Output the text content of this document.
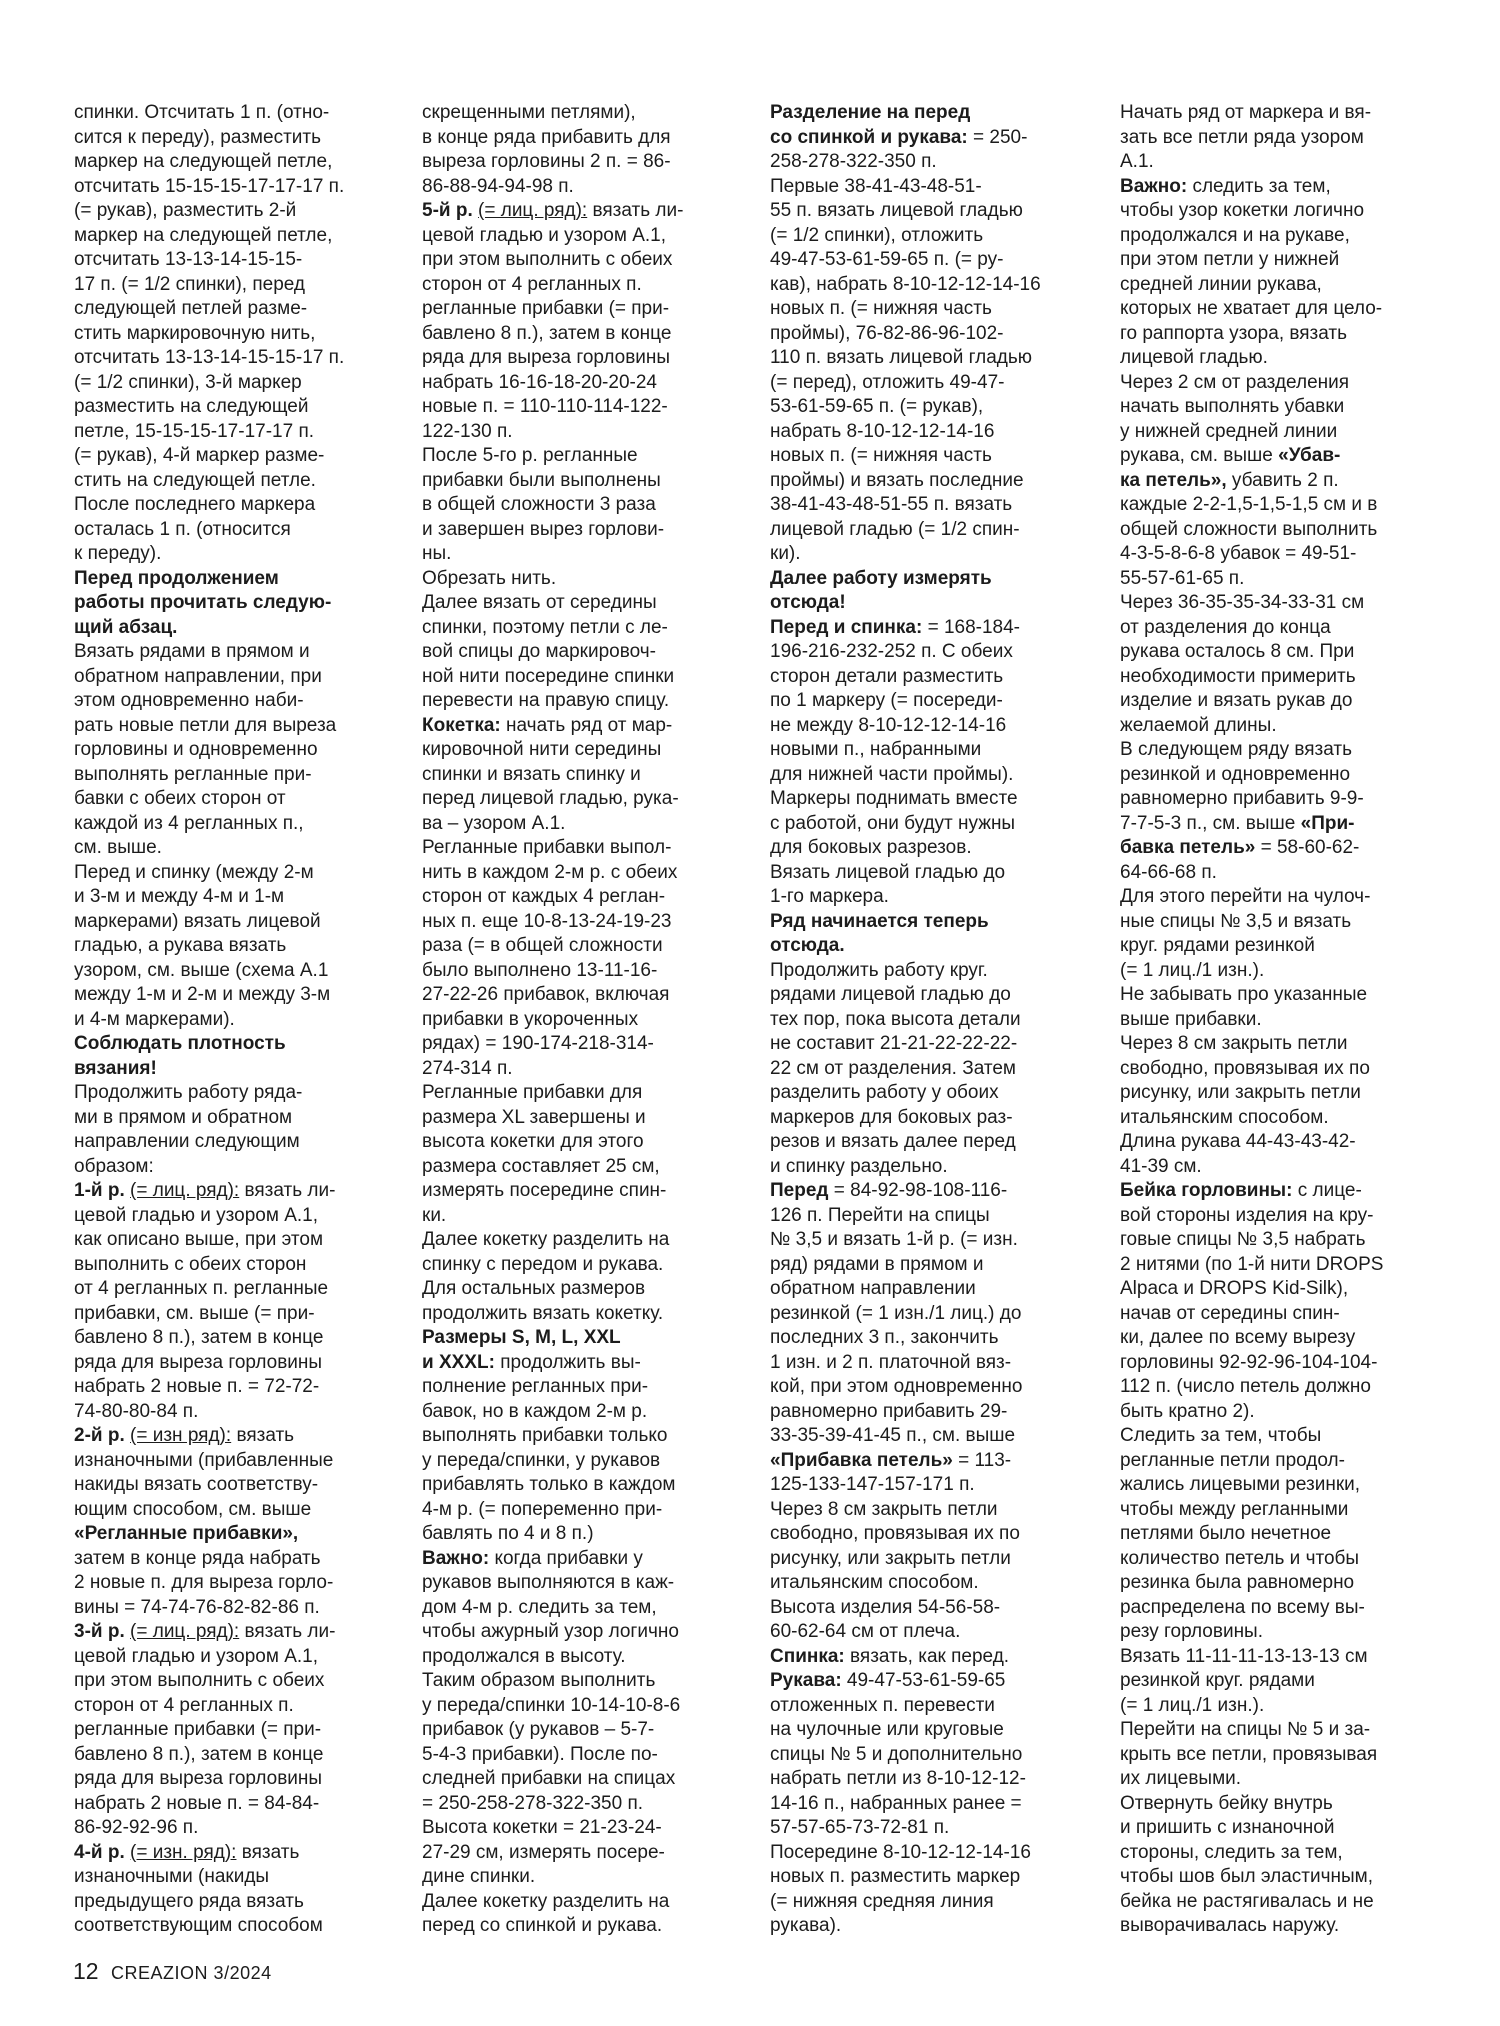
спинки. Отсчитать 1 п. (отно-
сится к переду), разместить
маркер на следующей петле,
отсчитать 15-15-15-17-17-17 п.
(= рукав), разместить 2-й
маркер на следующей петле,
отсчитать 13-13-14-15-15-
17 п. (= 1/2 спинки), перед
следующей петлей разме-
стить маркировочную нить,
отсчитать 13-13-14-15-15-17 п.
(= 1/2 спинки), 3-й маркер
разместить на следующей
петле, 15-15-15-17-17-17 п.
(= рукав), 4-й маркер разме-
стить на следующей петле.
После последнего маркера
осталась 1 п. (относится
к переду).
Перед продолжением
работы прочитать следую-
щий абзац.
Вязать рядами в прямом и
обратном направлении, при
этом одновременно наби-
рать новые петли для выреза
горловины и одновременно
выполнять регланные при-
бавки с обеих сторон от
каждой из 4 регланных п.,
см. выше.
Перед и спинку (между 2-м
и 3-м и между 4-м и 1-м
маркерами) вязать лицевой
гладью, а рукава вязать
узором, см. выше (схема А.1
между 1-м и 2-м и между 3-м
и 4-м маркерами).
Соблюдать плотность
вязания!
Продолжить работу ряда-
ми в прямом и обратном
направлении следующим
образом:
1-й р. (= лиц. ряд): вязать ли-
цевой гладью и узором А.1,
как описано выше, при этом
выполнить с обеих сторон
от 4 регланных п. регланные
прибавки, см. выше (= при-
бавлено 8 п.), затем в конце
ряда для выреза горловины
набрать 2 новые п. = 72-72-
74-80-80-84 п.
2-й р. (= изн ряд): вязать
изнаночными (прибавленные
накиды вязать соответству-
ющим способом, см. выше
«Регланные прибавки»,
затем в конце ряда набрать
2 новые п. для выреза горло-
вины = 74-74-76-82-82-86 п.
3-й р. (= лиц. ряд): вязать ли-
цевой гладью и узором А.1,
при этом выполнить с обеих
сторон от 4 регланных п.
регланные прибавки (= при-
бавлено 8 п.), затем в конце
ряда для выреза горловины
набрать 2 новые п. = 84-84-
86-92-92-96 п.
4-й р. (= изн. ряд): вязать
изнаночными (накиды
предыдущего ряда вязать
соответствующим способом
скрещенными петлями),
в конце ряда прибавить для
выреза горловины 2 п. = 86-
86-88-94-94-98 п.
5-й р. (= лиц. ряд): вязать ли-
цевой гладью и узором А.1,
при этом выполнить с обеих
сторон от 4 регланных п.
регланные прибавки (= при-
бавлено 8 п.), затем в конце
ряда для выреза горловины
набрать 16-16-18-20-20-24
новые п. = 110-110-114-122-
122-130 п.
После 5-го р. регланные
прибавки были выполнены
в общей сложности 3 раза
и завершен вырез горлови-
ны.
Обрезать нить.
Далее вязать от середины
спинки, поэтому петли с ле-
вой спицы до маркировоч-
ной нити посередине спинки
перевести на правую спицу.
Кокетка: начать ряд от мар-
кировочной нити середины
спинки и вязать спинку и
перед лицевой гладью, рука-
ва – узором А.1.
Регланные прибавки выпол-
нить в каждом 2-м р. с обеих
сторон от каждых 4 реглан-
ных п. еще 10-8-13-24-19-23
раза (= в общей сложности
было выполнено 13-11-16-
27-22-26 прибавок, включая
прибавки в укороченных
рядах) = 190-174-218-314-
274-314 п.
Регланные прибавки для
размера XL завершены и
высота кокетки для этого
размера составляет 25 см,
измерять посередине спин-
ки.
Далее кокетку разделить на
спинку с передом и рукава.
Для остальных размеров
продолжить вязать кокетку.
Размеры S, M, L, XXL
и XXXL: продолжить вы-
полнение регланных при-
бавок, но в каждом 2-м р.
выполнять прибавки только
у переда/спинки, у рукавов
прибавлять только в каждом
4-м р. (= попеременно при-
бавлять по 4 и 8 п.)
Важно: когда прибавки у
рукавов выполняются в каж-
дом 4-м р. следить за тем,
чтобы ажурный узор логично
продолжался в высоту.
Таким образом выполнить
у переда/спинки 10-14-10-8-6
прибавок (у рукавов – 5-7-
5-4-3 прибавки). После по-
следней прибавки на спицах
= 250-258-278-322-350 п.
Высота кокетки = 21-23-24-
27-29 см, измерять посере-
дине спинки.
Далее кокетку разделить на
перед со спинкой и рукава.
Разделение на перед
со спинкой и рукава: = 250-
258-278-322-350 п.
Первые 38-41-43-48-51-
55 п. вязать лицевой гладью
(= 1/2 спинки), отложить
49-47-53-61-59-65 п. (= ру-
кав), набрать 8-10-12-12-14-16
новых п. (= нижняя часть
проймы), 76-82-86-96-102-
110 п. вязать лицевой гладью
(= перед), отложить 49-47-
53-61-59-65 п. (= рукав),
набрать 8-10-12-12-14-16
новых п. (= нижняя часть
проймы) и вязать последние
38-41-43-48-51-55 п. вязать
лицевой гладью (= 1/2 спин-
ки).
Далее работу измерять
отсюда!
Перед и спинка: = 168-184-
196-216-232-252 п. С обеих
сторон детали разместить
по 1 маркеру (= посереди-
не между 8-10-12-12-14-16
новыми п., набранными
для нижней части проймы).
Маркеры поднимать вместе
с работой, они будут нужны
для боковых разрезов.
Вязать лицевой гладью до
1-го маркера.
Ряд начинается теперь
отсюда.
Продолжить работу круг.
рядами лицевой гладью до
тех пор, пока высота детали
не составит 21-21-22-22-22-
22 см от разделения. Затем
разделить работу у обоих
маркеров для боковых раз-
резов и вязать далее перед
и спинку раздельно.
Перед = 84-92-98-108-116-
126 п. Перейти на спицы
№ 3,5 и вязать 1-й р. (= изн.
ряд) рядами в прямом и
обратном направлении
резинкой (= 1 изн./1 лиц.) до
последних 3 п., закончить
1 изн. и 2 п. платочной вяз-
кой, при этом одновременно
равномерно прибавить 29-
33-35-39-41-45 п., см. выше
«Прибавка петель» = 113-
125-133-147-157-171 п.
Через 8 см закрыть петли
свободно, провязывая их по
рисунку, или закрыть петли
итальянским способом.
Высота изделия 54-56-58-
60-62-64 см от плеча.
Спинка: вязать, как перед.
Рукава: 49-47-53-61-59-65
отложенных п. перевести
на чулочные или круговые
спицы № 5 и дополнительно
набрать петли из 8-10-12-12-
14-16 п., набранных ранее =
57-57-65-73-72-81 п.
Посередине 8-10-12-12-14-16
новых п. разместить маркер
(= нижняя средняя линия
рукава).
Начать ряд от маркера и вя-
зать все петли ряда узором
А.1.
Важно: следить за тем,
чтобы узор кокетки логично
продолжался и на рукаве,
при этом петли у нижней
средней линии рукава,
которых не хватает для цело-
го раппорта узора, вязать
лицевой гладью.
Через 2 см от разделения
начать выполнять убавки
у нижней средней линии
рукава, см. выше «Убав-
ка петель», убавить 2 п.
каждые 2-2-1,5-1,5-1,5 см и в
общей сложности выполнить
4-3-5-8-6-8 убавок = 49-51-
55-57-61-65 п.
Через 36-35-35-34-33-31 см
от разделения до конца
рукава осталось 8 см. При
необходимости примерить
изделие и вязать рукав до
желаемой длины.
В следующем ряду вязать
резинкой и одновременно
равномерно прибавить 9-9-
7-7-5-3 п., см. выше «При-
бавка петель» = 58-60-62-
64-66-68 п.
Для этого перейти на чулоч-
ные спицы № 3,5 и вязать
круг. рядами резинкой
(= 1 лиц./1 изн.).
Не забывать про указанные
выше прибавки.
Через 8 см закрыть петли
свободно, провязывая их по
рисунку, или закрыть петли
итальянским способом.
Длина рукава 44-43-43-42-
41-39 см.
Бейка горловины: с лице-
вой стороны изделия на кру-
говые спицы № 3,5 набрать
2 нитями (по 1-й нити DROPS
Alpaca и DROPS Kid-Silk),
начав от середины спин-
ки, далее по всему вырезу
горловины 92-92-96-104-104-
112 п. (число петель должно
быть кратно 2).
Следить за тем, чтобы
регланные петли продол-
жались лицевыми резинки,
чтобы между регланными
петлями было нечетное
количество петель и чтобы
резинка была равномерно
распределена по всему вы-
резу горловины.
Вязать 11-11-11-13-13-13 см
резинкой круг. рядами
(= 1 лиц./1 изн.).
Перейти на спицы № 5 и за-
крыть все петли, провязывая
их лицевыми.
Отвернуть бейку внутрь
и пришить с изнаночной
стороны, следить за тем,
чтобы шов был эластичным,
бейка не растягивалась и не
выворачивалась наружу.
12 CREAZION 3/2024
